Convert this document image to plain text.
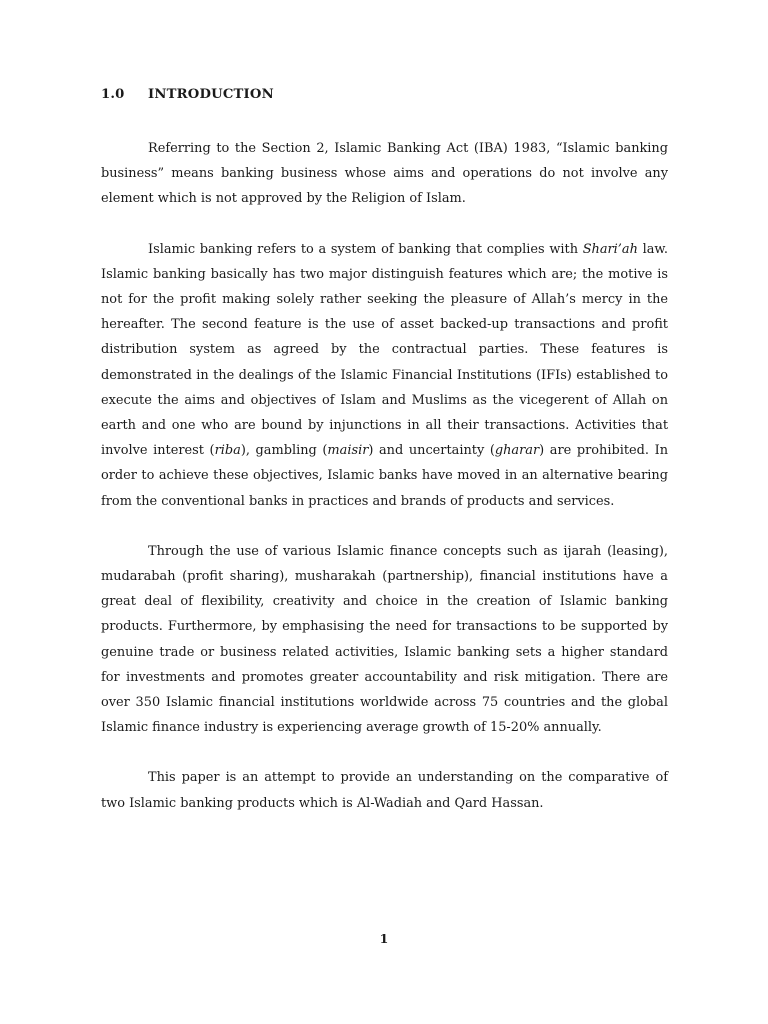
1.0 INTRODUCTION

Referring to the Section 2, Islamic Banking Act (IBA) 1983, “Islamic banking business” means banking business whose aims and operations do not involve any element which is not approved by the Religion of Islam.

Islamic banking refers to a system of banking that complies with Shari’ah law. Islamic banking basically has two major distinguish features which are; the motive is not for the profit making solely rather seeking the pleasure of Allah’s mercy in the hereafter. The second feature is the use of asset backed-up transactions and profit distribution system as agreed by the contractual parties. These features is demonstrated in the dealings of the Islamic Financial Institutions (IFIs) established to execute the aims and objectives of Islam and Muslims as the vicegerent of Allah on earth and one who are bound by injunctions in all their transactions. Activities that involve interest (riba), gambling (maisir) and uncertainty (gharar) are prohibited. In order to achieve these objectives, Islamic banks have moved in an alternative bearing from the conventional banks in practices and brands of products and services.

Through the use of various Islamic finance concepts such as ijarah (leasing), mudarabah (profit sharing), musharakah (partnership), financial institutions have a great deal of flexibility, creativity and choice in the creation of Islamic banking products. Furthermore, by emphasising the need for transactions to be supported by genuine trade or business related activities, Islamic banking sets a higher standard for investments and promotes greater accountability and risk mitigation. There are over 350 Islamic financial institutions worldwide across 75 countries and the global Islamic finance industry is experiencing average growth of 15-20% annually.

This paper is an attempt to provide an understanding on the comparative of two Islamic banking products which is Al-Wadiah and Qard Hassan.

1
